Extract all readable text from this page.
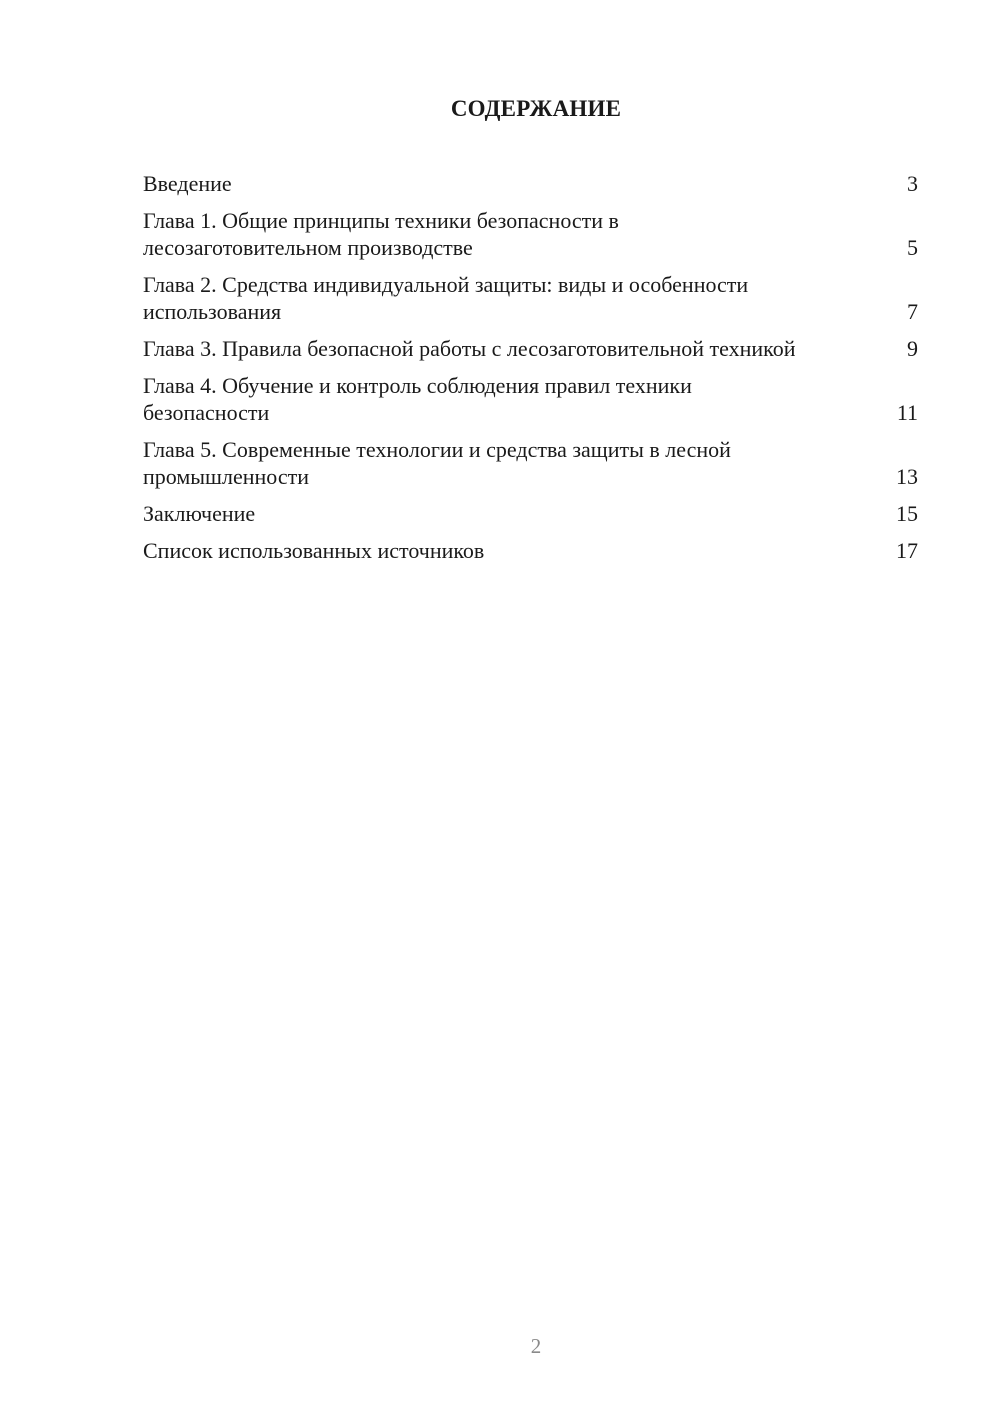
СОДЕРЖАНИЕ
Введение	3
Глава 1. Общие принципы техники безопасности в лесозаготовительном производстве	5
Глава 2. Средства индивидуальной защиты: виды и особенности использования	7
Глава 3. Правила безопасной работы с лесозаготовительной техникой	9
Глава 4. Обучение и контроль соблюдения правил техники безопасности	11
Глава 5. Современные технологии и средства защиты в лесной промышленности	13
Заключение	15
Список использованных источников	17
2
